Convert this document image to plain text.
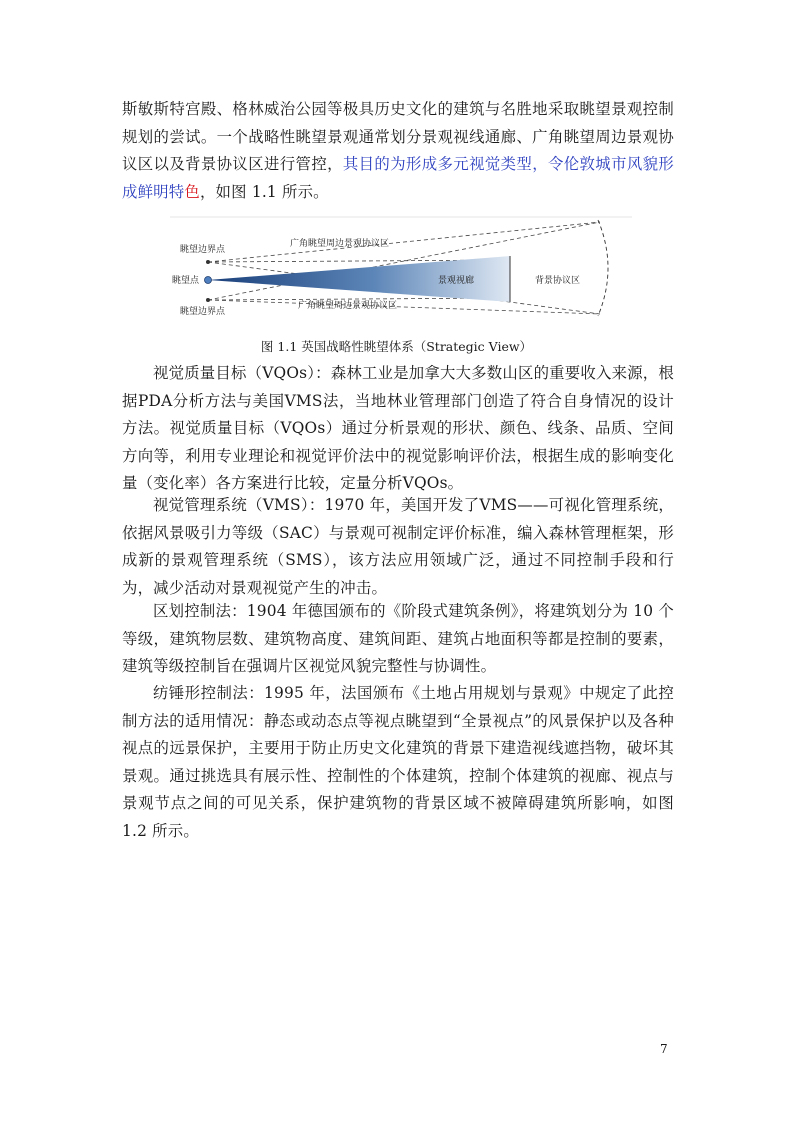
斯敏斯特宫殿、格林威治公园等极具历史文化的建筑与名胜地采取眺望景观控制规划的尝试。一个战略性眺望景观通常划分景观视线通廊、广角眺望周边景观协议区以及背景协议区进行管控，其目的为形成多元视觉类型，令伦敦城市风貌形成鲜明特色，如图 1.1 所示。

眺望边界点
眺望点
眺望边界点
广角眺望周边景观协议区
景观视廊
广角眺望周边景观协议区
背景协议区
图 1.1 英国战略性眺望体系（Strategic View）

视觉质量目标（VQOs）：森林工业是加拿大大多数山区的重要收入来源，根据PDA分析方法与美国VMS法，当地林业管理部门创造了符合自身情况的设计方法。视觉质量目标（VQOs）通过分析景观的形状、颜色、线条、品质、空间方向等，利用专业理论和视觉评价法中的视觉影响评价法，根据生成的影响变化量（变化率）各方案进行比较，定量分析VQOs。

视觉管理系统（VMS）：1970 年，美国开发了VMS——可视化管理系统，依据风景吸引力等级（SAC）与景观可视制定评价标准，编入森林管理框架，形成新的景观管理系统（SMS），该方法应用领域广泛，通过不同控制手段和行为，减少活动对景观视觉产生的冲击。

区划控制法：1904 年德国颁布的《阶段式建筑条例》，将建筑划分为 10 个等级，建筑物层数、建筑物高度、建筑间距、建筑占地面积等都是控制的要素，建筑等级控制旨在强调片区视觉风貌完整性与协调性。

纺锤形控制法：1995 年，法国颁布《土地占用规划与景观》中规定了此控制方法的适用情况：静态或动态点等视点眺望到“全景视点”的风景保护以及各种视点的远景保护，主要用于防止历史文化建筑的背景下建造视线遮挡物，破坏其景观。通过挑选具有展示性、控制性的个体建筑，控制个体建筑的视廊、视点与景观节点之间的可见关系，保护建筑物的背景区域不被障碍建筑所影响，如图 1.2 所示。

7
